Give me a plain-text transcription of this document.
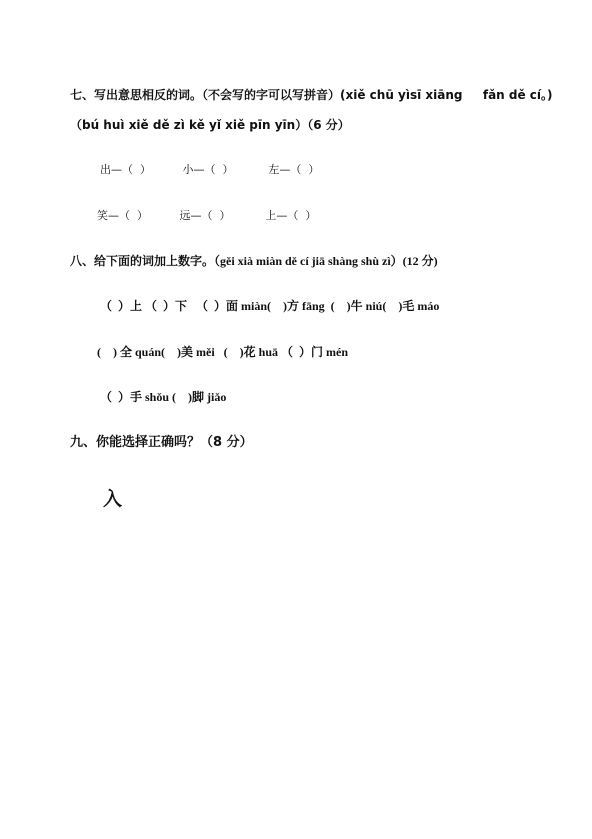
七、写出意思相反的词。（不会写的字可以写拼音）(xiě chū yìsī xiāng　  fǎn dě cí。)
（bú huì xiě dě zì kě yǐ xiě pīn yīn）（6 分）
出—（  ）         小—（  ）          左—（  ）
笑—（  ）         远—（  ）          上—（  ）
八、给下面的词加上数字。（gěi xià miàn dě cí jiā shàng shù zì）(12 分)
（  ）上 （  ）下   （  ）面 miàn(    )方 fāng  (    )牛 niú(    )毛 máo
(    ) 全 quán(    )美 měi   (    )花 huā （  ）门 mén
（  ）手 shǒu (    )脚 jiǎo
九、你能选择正确吗？（8 分）
入
